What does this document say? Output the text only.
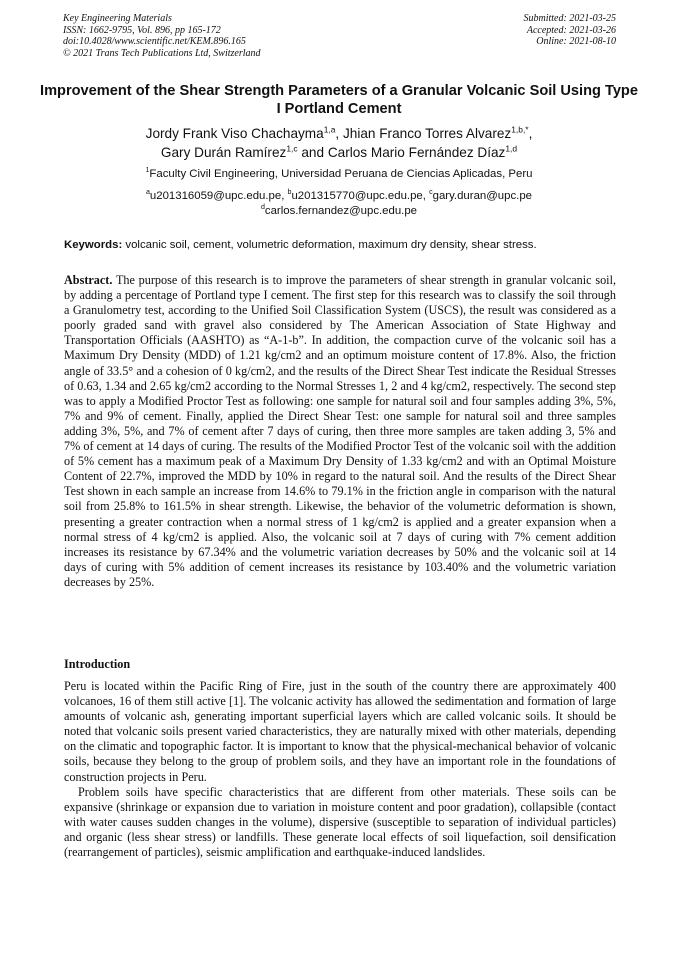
Key Engineering Materials
ISSN: 1662-9795, Vol. 896, pp 165-172
doi:10.4028/www.scientific.net/KEM.896.165
© 2021 Trans Tech Publications Ltd, Switzerland
Submitted: 2021-03-25
Accepted: 2021-03-26
Online: 2021-08-10
Improvement of the Shear Strength Parameters of a Granular Volcanic Soil Using Type I Portland Cement
Jordy Frank Viso Chachayma$^{1,a}$, Jhian Franco Torres Alvarez$^{1,b,*}$,
Gary Durán Ramírez$^{1,c}$ and Carlos Mario Fernández Díaz$^{1,d}$
$^1$Faculty Civil Engineering, Universidad Peruana de Ciencias Aplicadas, Peru
$^a$u201316059@upc.edu.pe, $^b$u201315770@upc.edu.pe, $^c$gary.duran@upc.pe
$^d$carlos.fernandez@upc.edu.pe
Keywords: volcanic soil, cement, volumetric deformation, maximum dry density, shear stress.
Abstract. The purpose of this research is to improve the parameters of shear strength in granular volcanic soil, by adding a percentage of Portland type I cement. The first step for this research was to classify the soil through a Granulometry test, according to the Unified Soil Classification System (USCS), the result was considered as a poorly graded sand with gravel also considered by The American Association of State Highway and Transportation Officials (AASHTO) as “A-1-b”. In addition, the compaction curve of the volcanic soil has a Maximum Dry Density (MDD) of 1.21 kg/cm2 and an optimum moisture content of 17.8%. Also, the friction angle of 33.5° and a cohesion of 0 kg/cm2, and the results of the Direct Shear Test indicate the Residual Stresses of 0.63, 1.34 and 2.65 kg/cm2 according to the Normal Stresses 1, 2 and 4 kg/cm2, respectively. The second step was to apply a Modified Proctor Test as following: one sample for natural soil and four samples adding 3%, 5%, 7% and 9% of cement. Finally, applied the Direct Shear Test: one sample for natural soil and three samples adding 3%, 5%, and 7% of cement after 7 days of curing, then three more samples are taken adding 3, 5% and 7% of cement at 14 days of curing. The results of the Modified Proctor Test of the volcanic soil with the addition of 5% cement has a maximum peak of a Maximum Dry Density of 1.33 kg/cm2 and with an Optimal Moisture Content of 22.7%, improved the MDD by 10% in regard to the natural soil. And the results of the Direct Shear Test shown in each sample an increase from 14.6% to 79.1% in the friction angle in comparison with the natural soil from 25.8% to 161.5% in shear strength. Likewise, the behavior of the volumetric deformation is shown, presenting a greater contraction when a normal stress of 1 kg/cm2 is applied and a greater expansion when a normal stress of 4 kg/cm2 is applied. Also, the volcanic soil at 7 days of curing with 7% cement addition increases its resistance by 67.34% and the volumetric variation decreases by 50% and the volcanic soil at 14 days of curing with 5% addition of cement increases its resistance by 103.40% and the volumetric variation decreases by 25%.
Introduction

Peru is located within the Pacific Ring of Fire, just in the south of the country there are approximately 400 volcanoes, 16 of them still active [1]. The volcanic activity has allowed the sedimentation and formation of large amounts of volcanic ash, generating important superficial layers which are called volcanic soils. It should be noted that volcanic soils present varied characteristics, they are naturally mixed with other materials, depending on the climatic and topographic factor. It is important to know that the physical-mechanical behavior of volcanic soils, because they belong to the group of problem soils, and they have an important role in the foundations of construction projects in Peru.

Problem soils have specific characteristics that are different from other materials. These soils can be expansive (shrinkage or expansion due to variation in moisture content and poor gradation), collapsible (contact with water causes sudden changes in the volume), dispersive (susceptible to separation of individual particles) and organic (less shear stress) or landfills. These generate local effects of soil liquefaction, soil densification (rearrangement of particles), seismic amplification and earthquake-induced landslides.
